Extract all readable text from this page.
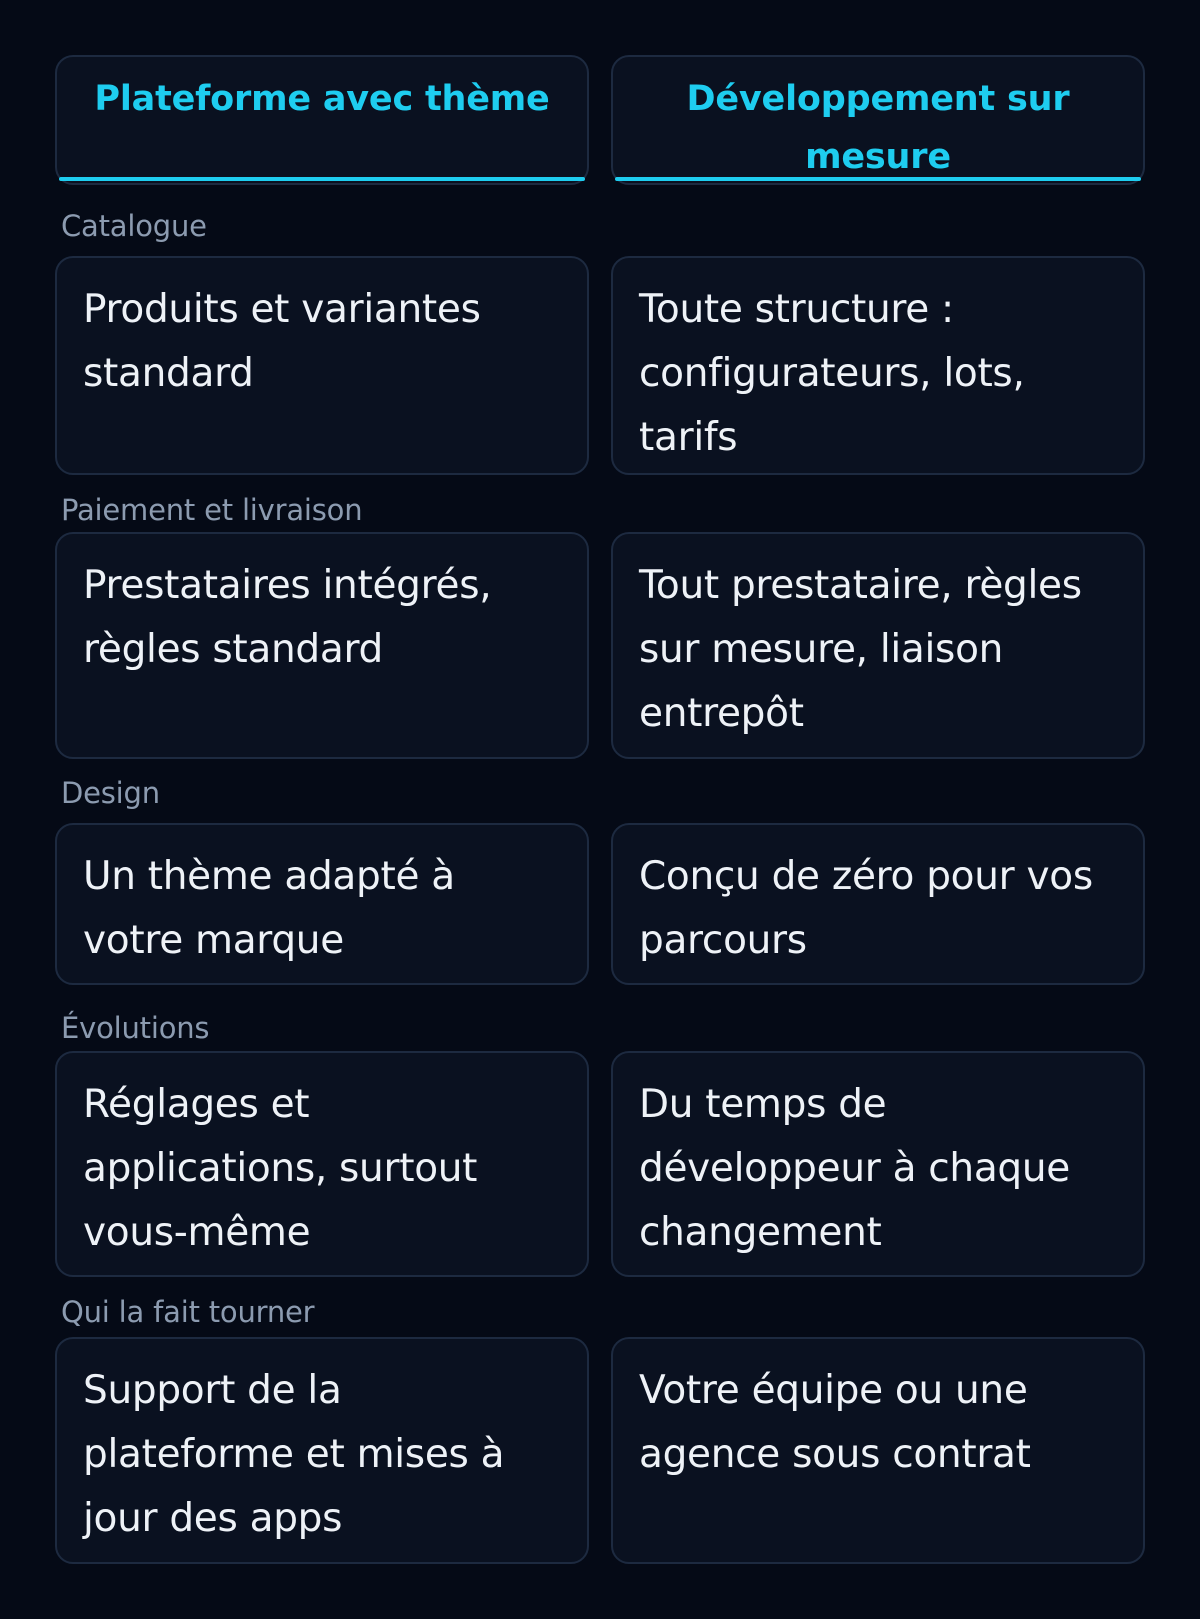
Plateforme avec thème	Développement sur mesure
Catalogue
Produits et variantes standard
Toute structure : configurateurs, lots, tarifs
Paiement et livraison
Prestataires intégrés, règles standard
Tout prestataire, règles sur mesure, liaison entrepôt
Design
Un thème adapté à votre marque
Conçu de zéro pour vos parcours
Évolutions
Réglages et applications, surtout vous-même
Du temps de développeur à chaque changement
Qui la fait tourner
Support de la plateforme et mises à jour des apps
Votre équipe ou une agence sous contrat
